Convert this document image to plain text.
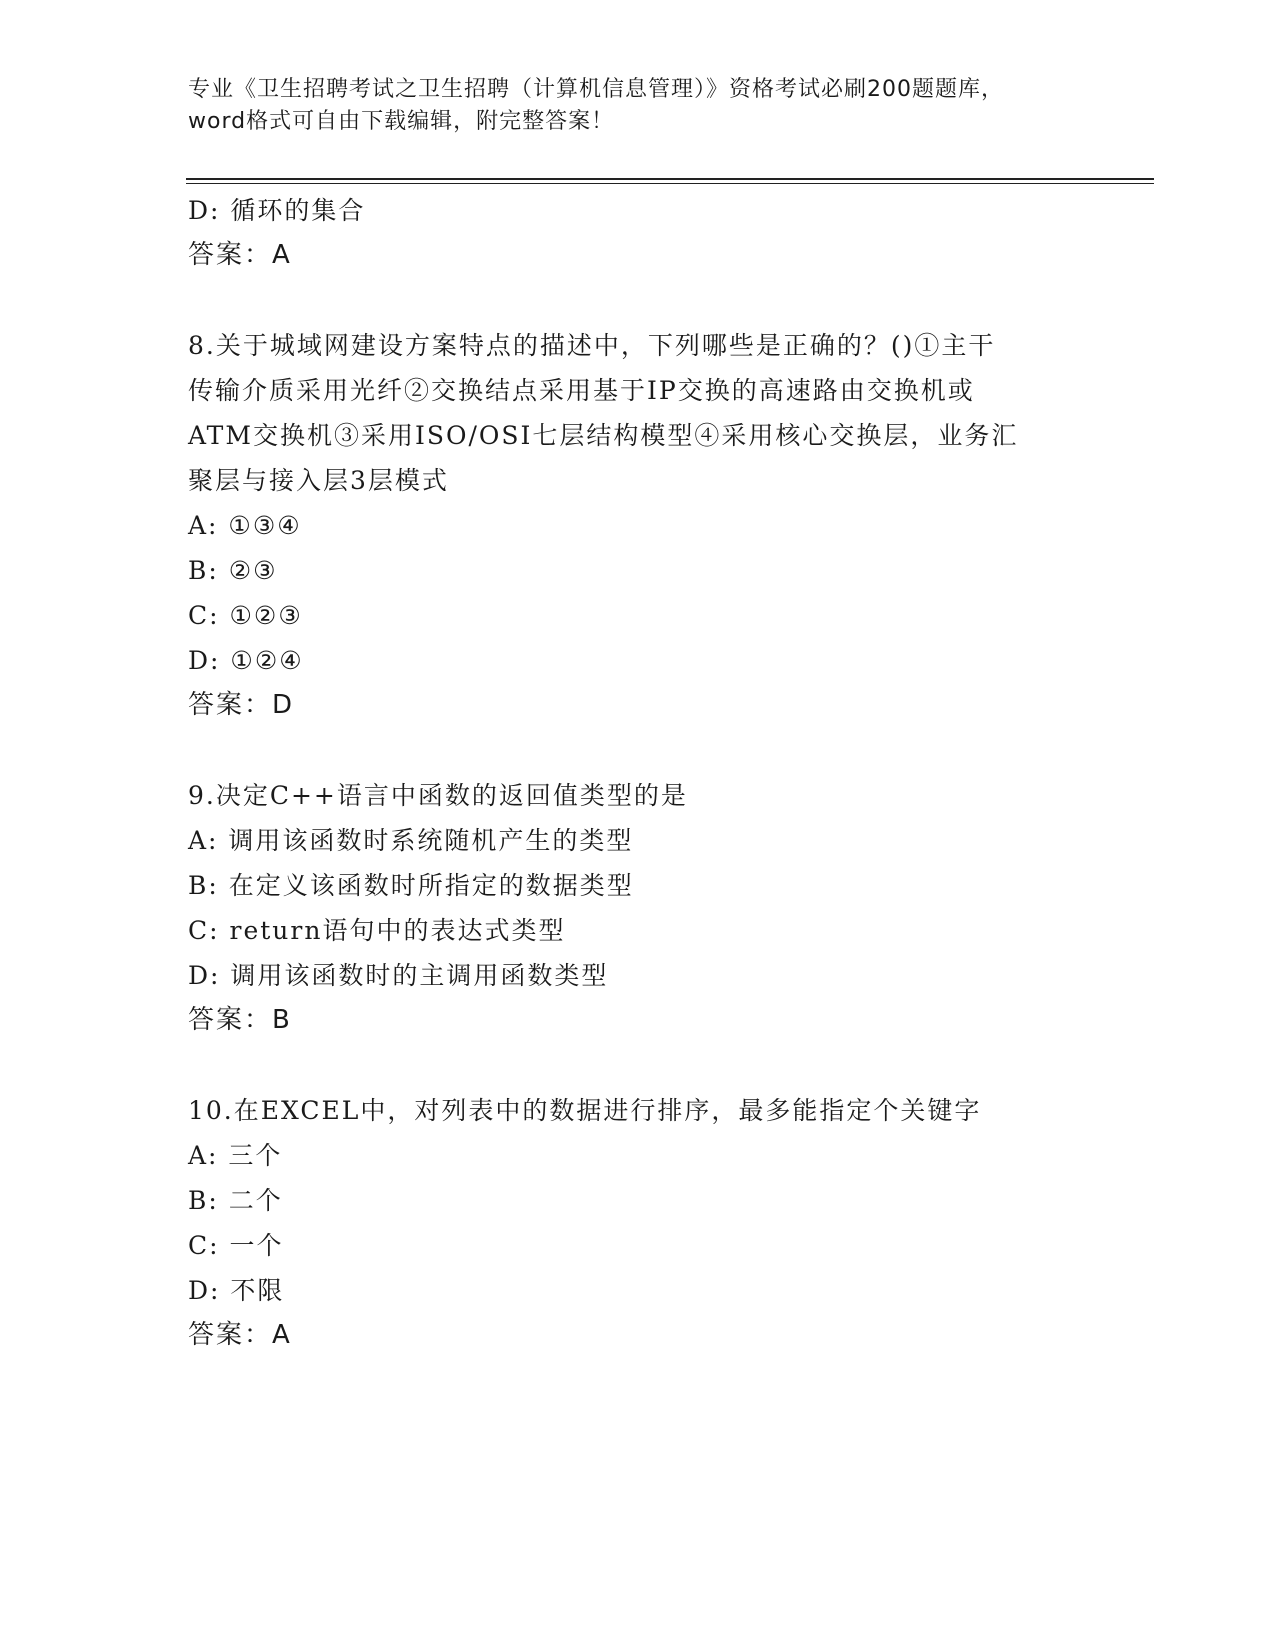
专业《卫生招聘考试之卫生招聘（计算机信息管理）》资格考试必刷200题题库，
word格式可自由下载编辑，附完整答案！
D: 循环的集合
答案：A
8.关于城域网建设方案特点的描述中，下列哪些是正确的？()①主干
传输介质采用光纤②交换结点采用基于IP交换的高速路由交换机或
ATM交换机③采用ISO/OSI七层结构模型④采用核心交换层，业务汇
聚层与接入层3层模式
A: ①③④
B: ②③
C: ①②③
D: ①②④
答案：D
9.决定C++语言中函数的返回值类型的是
A: 调用该函数时系统随机产生的类型
B: 在定义该函数时所指定的数据类型
C: return语句中的表达式类型
D: 调用该函数时的主调用函数类型
答案：B
10.在EXCEL中，对列表中的数据进行排序，最多能指定个关键字
A: 三个
B: 二个
C: 一个
D: 不限
答案：A
